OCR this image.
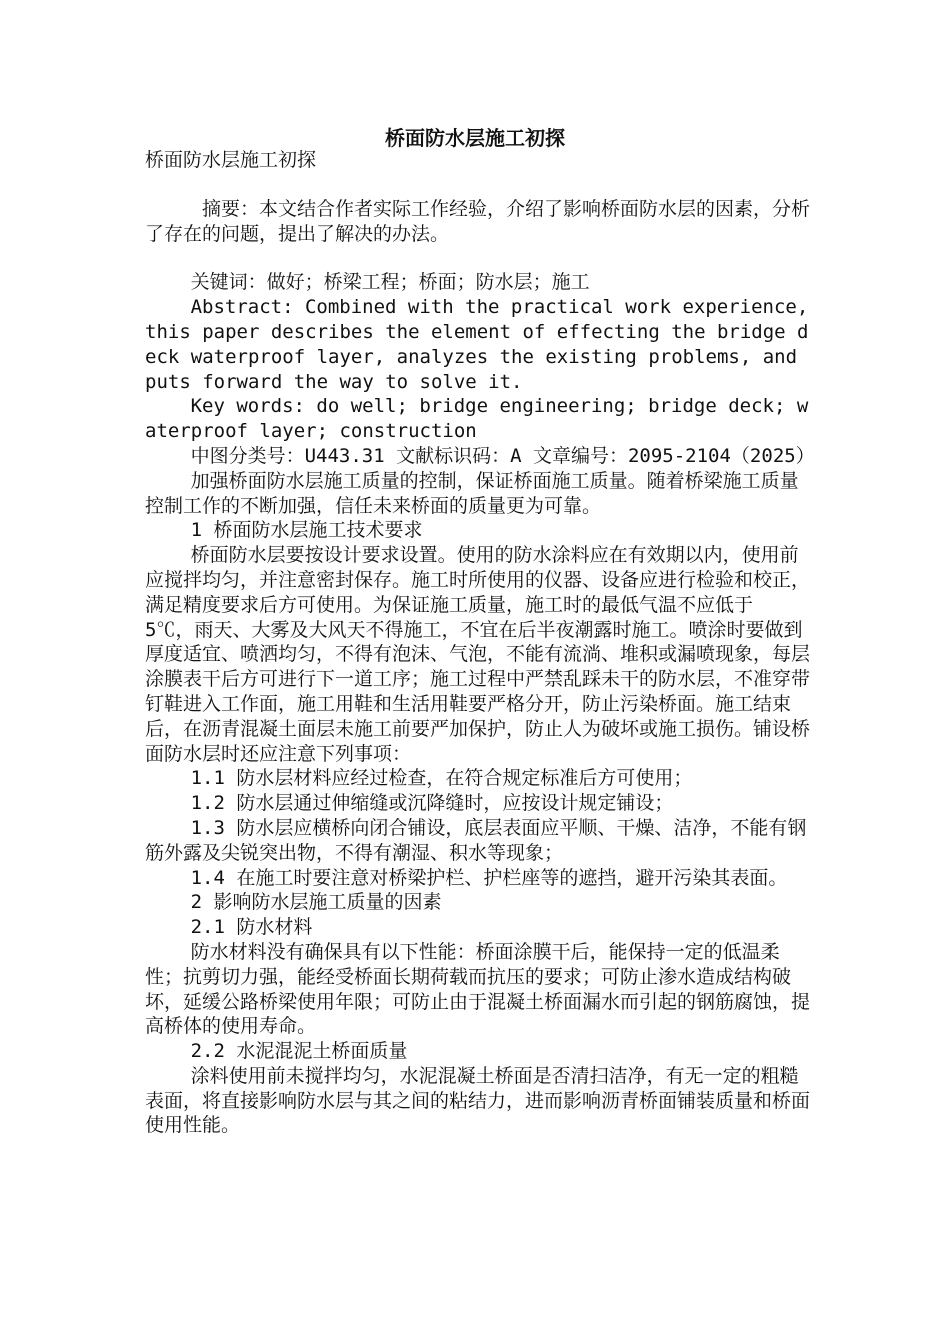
桥面防水层施工初探

桥面防水层施工初探

摘要：本文结合作者实际工作经验，介绍了影响桥面防水层的因素，分析了存在的问题，提出了解决的办法。

关键词：做好；桥梁工程；桥面；防水层；施工

Abstract: Combined with the practical work experience, this paper describes the element of effecting the bridge deck waterproof layer, analyzes the existing problems, and puts forward the way to solve it.

Key words: do well; bridge engineering; bridge deck; waterproof layer; construction

中图分类号：U443.31 文献标识码：A 文章编号：2095-2104（2025）

加强桥面防水层施工质量的控制，保证桥面施工质量。随着桥梁施工质量控制工作的不断加强，信任未来桥面的质量更为可靠。

1 桥面防水层施工技术要求

桥面防水层要按设计要求设置。使用的防水涂料应在有效期以内，使用前应搅拌均匀，并注意密封保存。施工时所使用的仪器、设备应进行检验和校正，满足精度要求后方可使用。为保证施工质量，施工时的最低气温不应低于 5℃，雨天、大雾及大风天不得施工，不宜在后半夜潮露时施工。喷涂时要做到厚度适宜、喷洒均匀，不得有泡沫、气泡，不能有流淌、堆积或漏喷现象，每层涂膜表干后方可进行下一道工序；施工过程中严禁乱踩未干的防水层，不准穿带钉鞋进入工作面，施工用鞋和生活用鞋要严格分开，防止污染桥面。施工结束后，在沥青混凝土面层未施工前要严加保护，防止人为破坏或施工损伤。铺设桥面防水层时还应注意下列事项：

1.1 防水层材料应经过检查，在符合规定标准后方可使用；

1.2 防水层通过伸缩缝或沉降缝时，应按设计规定铺设；

1.3 防水层应横桥向闭合铺设，底层表面应平顺、干燥、洁净，不能有钢筋外露及尖锐突出物，不得有潮湿、积水等现象；

1.4 在施工时要注意对桥梁护栏、护栏座等的遮挡，避开污染其表面。

2 影响防水层施工质量的因素

2.1 防水材料

防水材料没有确保具有以下性能：桥面涂膜干后，能保持一定的低温柔性；抗剪切力强，能经受桥面长期荷载而抗压的要求；可防止渗水造成结构破坏，延缓公路桥梁使用年限；可防止由于混凝土桥面漏水而引起的钢筋腐蚀，提高桥体的使用寿命。

2.2 水泥混泥土桥面质量

涂料使用前未搅拌均匀，水泥混凝土桥面是否清扫洁净，有无一定的粗糙表面，将直接影响防水层与其之间的粘结力，进而影响沥青桥面铺装质量和桥面使用性能。
